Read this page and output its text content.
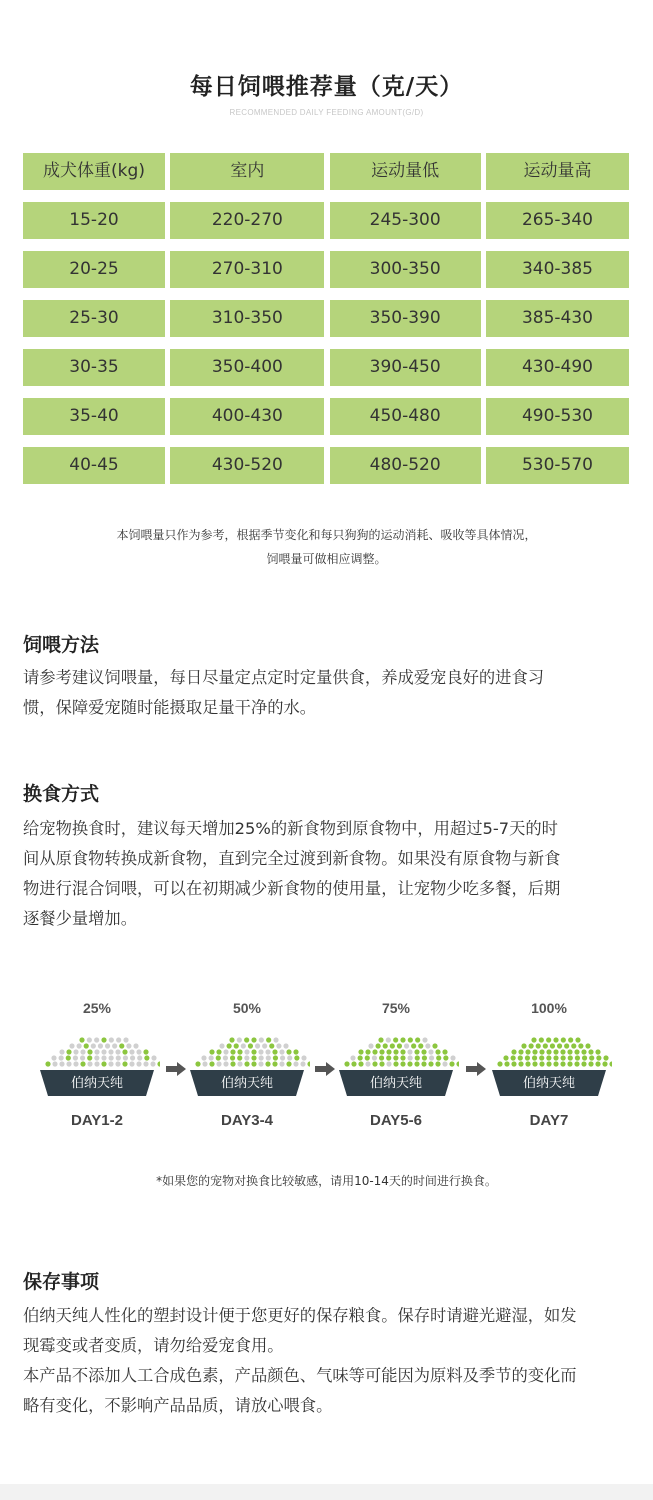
每日饲喂推荐量（克/天）
RECOMMENDED DAILY FEEDING AMOUNT(G/D)
成犬体重(kg)	室内	运动量低	运动量高
15-20	220-270	245-300	265-340
20-25	270-310	300-350	340-385
25-30	310-350	350-390	385-430
30-35	350-400	390-450	430-490
35-40	400-430	450-480	490-530
40-45	430-520	480-520	530-570
本饲喂量只作为参考，根据季节变化和每只狗狗的运动消耗、吸收等具体情况，
饲喂量可做相应调整。
饲喂方法
请参考建议饲喂量，每日尽量定点定时定量供食，养成爱宠良好的进食习
惯，保障爱宠随时能摄取足量干净的水。
换食方式
给宠物换食时，建议每天增加25%的新食物到原食物中，用超过5-7天的时
间从原食物转换成新食物，直到完全过渡到新食物。如果没有原食物与新食
物进行混合饲喂，可以在初期减少新食物的使用量，让宠物少吃多餐，后期
逐餐少量增加。
25%
伯纳天纯
DAY1-2
50%
伯纳天纯
DAY3-4
75%
伯纳天纯
DAY5-6
100%
伯纳天纯
DAY7
*如果您的宠物对换食比较敏感，请用10-14天的时间进行换食。
保存事项
伯纳天纯人性化的塑封设计便于您更好的保存粮食。保存时请避光避湿，如发
现霉变或者变质，请勿给爱宠食用。
本产品不添加人工合成色素，产品颜色、气味等可能因为原料及季节的变化而
略有变化，不影响产品品质，请放心喂食。
